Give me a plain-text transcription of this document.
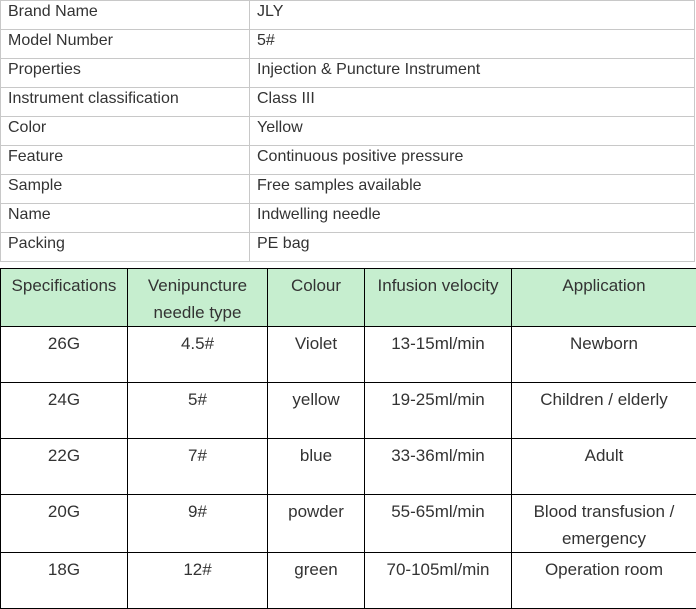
Brand Name	JLY
Model Number	5#
Properties	Injection & Puncture Instrument
Instrument classification	Class III
Color	Yellow
Feature	Continuous positive pressure
Sample	Free samples available
Name	Indwelling needle
Packing	PE bag
Specifications	Venipuncture needle type	Colour	Infusion velocity	Application
26G	4.5#	Violet	13-15ml/min	Newborn
24G	5#	yellow	19-25ml/min	Children / elderly
22G	7#	blue	33-36ml/min	Adult
20G	9#	powder	55-65ml/min	Blood transfusion / emergency
18G	12#	green	70-105ml/min	Operation room
